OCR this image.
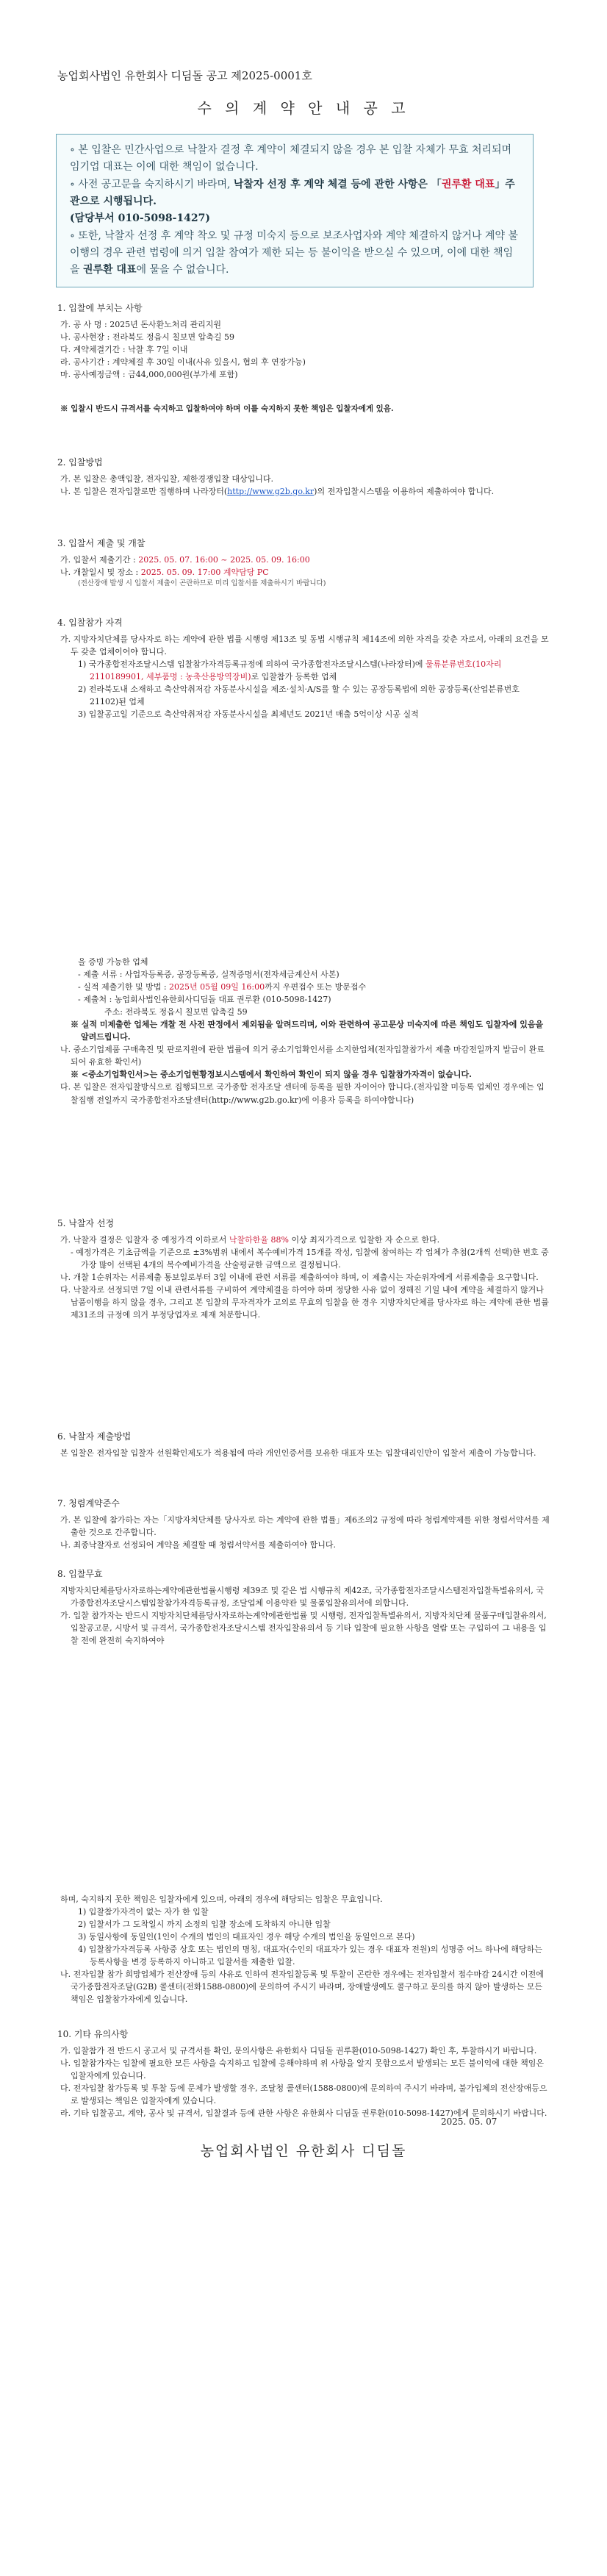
농업회사법인 유한회사 디딤돌 공고 제2025-0001호
수 의 계 약 안 내 공 고

∘ 본 입찰은 민간사업으로 낙찰자 결정 후 계약이 체결되지 않을 경우 본 입찰 자체가 무효 처리되며 임기업 대표는 이에 대한 책임이 없습니다.

∘ 사전 공고문을 숙지하시기 바라며, 낙찰자 선정 후 계약 체결 등에 관한 사항은 「권루환 대표」주관으로 시행됩니다.
(담당부서 010-5098-1427)

∘ 또한, 낙찰자 선정 후 계약 착오 및 규정 미숙지 등으로 보조사업자와 계약 체결하지 않거나 계약 불이행의 경우 관련 법령에 의거 입찰 참여가 제한 되는 등 불이익을 받으실 수 있으며, 이에 대한 책임을 권루환 대표에 물을 수 없습니다.

1. 입찰에 부치는 사항

가. 공 사 명 : 2025년 돈사환노처리 관리지원

나. 공사현장 : 전라북도 정읍시 칠보면 압축길 59

다. 계약체결기간 : 낙찰 후 7일 이내

라. 공사기간 : 계약체결 후 30일 이내(사유 있을시, 협의 후 연장가능)

마. 공사예정금액 : 금44,000,000원(부가세 포함)

※ 입찰시 반드시 규격서를 숙지하고 입찰하여야 하며 이를 숙지하지 못한 책임은 입찰자에게 있음.

2. 입찰방법

가. 본 입찰은 총액입찰, 전자입찰, 제한경쟁입찰 대상입니다.

나. 본 입찰은 전자입찰로만 집행하며 나라장터(http://www.g2b.go.kr)의 전자입찰시스템을 이용하여 제출하여야 합니다.

3. 입찰서 제출 및 개찰

가. 입찰서 제출기간 : 2025. 05. 07. 16:00 ~ 2025. 05. 09. 16:00

나. 개찰일시 및 장소 : 2025. 05. 09. 17:00 계약담당 PC

(전산장애 발생 시 입찰서 제출이 곤란하므로 미리 입찰서를 제출하시기 바랍니다)

4. 입찰참가 자격

가. 지방자치단체를 당사자로 하는 계약에 관한 법률 시행령 제13조 및 동법 시행규칙 제14조에 의한 자격을 갖춘 자로서, 아래의 요건을 모두 갖춘 업체이어야 합니다.

1) 국가종합전자조달시스템 입찰참가자격등록규정에 의하여 국가종합전자조달시스템(나라장터)에 물류분류번호(10자리 2110189901, 세부품명 : 농축산용방역장비)로 입찰참가 등록한 업체

2) 전라북도내 소재하고 축산악취저감 자동분사시설을 제조·설치·A/S를 할 수 있는 공장등록법에 의한 공장등록(산업분류번호 21102)된 업체

3) 입찰공고일 기준으로 축산악취저감 자동분사시설을 최제년도 2021년 매출 5억이상 시공 실적

을 증빙 가능한 업체

- 제출 서류 : 사업자등록증, 공장등록증, 실적증명서(전자세금계산서 사본)

- 실적 제출기한 및 방법 : 2025년 05월 09일 16:00까지 우편접수 또는 방문접수

- 제출처 : 농업회사법인유한회사디딤돌 대표 권루환 (010-5098-1427)

주소: 전라북도 정읍시 칠보면 압축길 59

※ 실적 미제출한 업체는 개찰 전 사전 판정에서 제외됨을 알려드리며, 이와 관련하여 공고문상 미숙지에 따른 책임도 입찰자에 있음을 알려드립니다.

나. 중소기업제품 구매촉진 및 판로지원에 관한 법률에 의거 중소기업확인서를 소지한업체(전자입찰참가서 제출 마감전일까지 발급이 완료되어 유효한 확인서)

※ <중소기업확인서>는 중소기업현황정보시스템에서 확인하여 확인이 되지 않을 경우 입찰참가자격이 없습니다.

다. 본 입찰은 전자입찰방식으로 집행되므로 국가종합 전자조달 센터에 등록을 필한 자이어야 합니다.(전자입찰 미등록 업체인 경우에는 입찰집행 전일까지 국가종합전자조달센터(http://www.g2b.go.kr)에 이용자 등록을 하여야합니다)

5. 낙찰자 선정

가. 낙찰자 결정은 입찰자 중 예정가격 이하로서 낙찰하한율 88% 이상 최저가격으로 입찰한 자 순으로 한다.

- 예정가격은 기초금액을 기준으로 ±3%범위 내에서 복수예비가격 15개를 작성, 입찰에 참여하는 각 업체가 추첨(2개씩 선택)한 번호 중 가장 많이 선택된 4개의 복수예비가격을 산술평균한 금액으로 결정됩니다.

나. 개찰 1순위자는 서류제출 통보일로부터 3일 이내에 관련 서류를 제출하여야 하며, 이 제출시는 자순위자에게 서류제출을 요구합니다.

다. 낙찰자로 선정되면 7일 이내 관련서류를 구비하여 계약체결을 하여야 하며 정당한 사유 없이 정해진 기일 내에 계약을 체결하지 않거나 납품이행을 하지 않을 경우, 그리고 본 입찰의 무자격자가 고의로 무효의 입찰을 한 경우 지방자치단체를 당사자로 하는 계약에 관한 법률 제31조의 규정에 의거 부정당업자로 제재 처분합니다.

6. 낙찰자 제출방법

본 입찰은 전자입찰 입찰자 선원확인제도가 적용됨에 따라 개인인증서를 보유한 대표자 또는 입찰대리인만이 입찰서 제출이 가능합니다.

7. 청렴계약준수

가. 본 입찰에 참가하는 자는「지방자치단체를 당사자로 하는 계약에 관한 법률」제6조의2 규정에 따라 청렴계약제를 위한 청렴서약서를 제출한 것으로 간주합니다.

나. 최종낙찰자로 선정되어 계약을 체결할 때 청렴서약서를 제출하여야 합니다.

8. 입찰무효

지방자치단체를당사자로하는계약에관한법률시행령 제39조 및 같은 법 시행규칙 제42조, 국가종합전자조달시스템전자입찰특별유의서, 국가종합전자조달시스템입찰참가자격등록규정, 조달업체 이용약관 및 물품입찰유의서에 의합니다.

가. 입찰 참가자는 반드시 지방자치단체를당사자로하는계약에관한법률 및 시행령, 전자입찰특별유의서, 지방자치단체 물품구매입찰유의서, 입찰공고문, 시방서 및 규격서, 국가종합전자조달시스템 전자입찰유의서 등 기타 입찰에 필요한 사항을 열람 또는 구입하여 그 내용을 입찰 전에 완전히 숙지하여야

하며, 숙지하지 못한 책임은 입찰자에게 있으며, 아래의 경우에 해당되는 입찰은 무효입니다.

1) 입찰참가자격이 없는 자가 한 입찰

2) 입찰서가 그 도착일시 까지 소정의 입찰 장소에 도착하지 아니한 입찰

3) 동일사항에 동일인(1인이 수개의 법인의 대표자인 경우 해당 수개의 법인을 동일인으로 본다)

4) 입찰참가자격등록 사항중 상호 또는 법인의 명칭, 대표자(수인의 대표자가 있는 경우 대표자 전원)의 성명중 어느 하나에 해당하는 등록사항을 변경 등록하지 아니하고 입찰서를 제출한 입찰.

나. 전자입찰 참가 희망업체가 전산장애 등의 사유로 인하여 전자입찰등록 및 투찰이 곤란한 경우에는 전자입찰서 접수마감 24시간 이전에 국가종합전자조달(G2B) 콜센터(전화1588-0800)에 문의하여 주시기 바라며, 장애발생예도 콜구하고 문의를 하지 않아 발생하는 모든 책임은 입찰참가자에게 있습니다.

10. 기타 유의사항

가. 입찰참가 전 반드시 공고서 및 규격서를 확인, 문의사항은 유한회사 디딤돌 권루환(010-5098-1427) 확인 후, 투찰하시기 바랍니다.

나. 입찰참가자는 입찰에 필요한 모든 사항을 숙지하고 입찰에 응해야하며 위 사항을 알지 못함으로서 발생되는 모든 불이익에 대한 책임은 입찰자에게 있습니다.

다. 전자입찰 참가등록 및 투찰 등에 문제가 발생할 경우, 조달청 콜센터(1588-0800)에 문의하여 주시기 바라며, 불가입체의 전산장애등으로 발생되는 책임은 입찰자에게 있습니다.

라. 기타 입찰공고, 계약, 공사 및 규격서, 입찰결과 등에 관한 사항은 유한회사 디딤돌 권루환(010-5098-1427)에게 문의하시기 바랍니다.

2025. 05. 07
농업회사법인 유한회사 디딤돌
